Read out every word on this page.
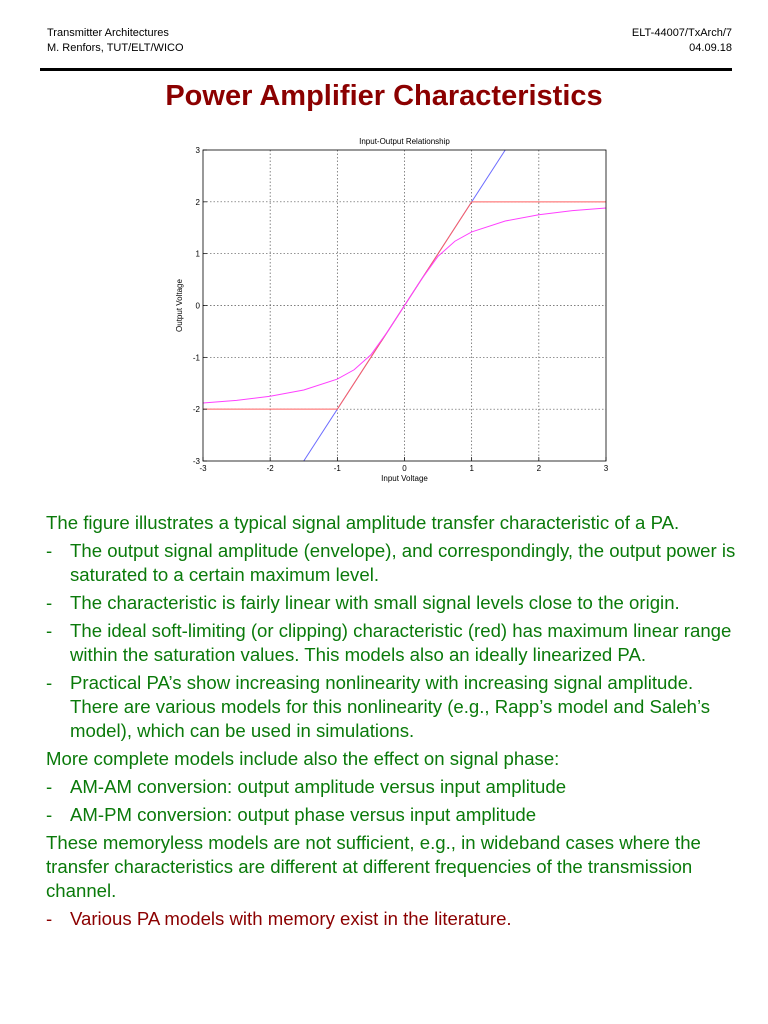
Transmitter Architectures
M. Renfors, TUT/ELT/WICO
ELT-44007/TxArch/7
04.09.18
Power Amplifier Characteristics
-3	-2	-1	0	1	2	3
-3
-2
-1
0
1
2
3
Input-Output Relationship
Input Voltage
Output Voltage

The figure illustrates a typical signal amplitude transfer characteristic of a PA.

- The output signal amplitude (envelope), and correspondingly, the output power is saturated to a certain maximum level.
- The characteristic is fairly linear with small signal levels close to the origin.
- The ideal soft-limiting (or clipping) characteristic (red) has maximum linear range within the saturation values. This models also an ideally linearized PA.
- Practical PA’s show increasing nonlinearity with increasing signal amplitude. There are various models for this nonlinearity (e.g., Rapp’s model and Saleh’s model), which can be used in simulations.

More complete models include also the effect on signal phase:

- AM-AM conversion: output amplitude versus input amplitude
- AM-PM conversion: output phase versus input amplitude

These memoryless models are not sufficient, e.g., in wideband cases where the transfer characteristics are different at different frequencies of the transmission channel.

- Various PA models with memory exist in the literature.
